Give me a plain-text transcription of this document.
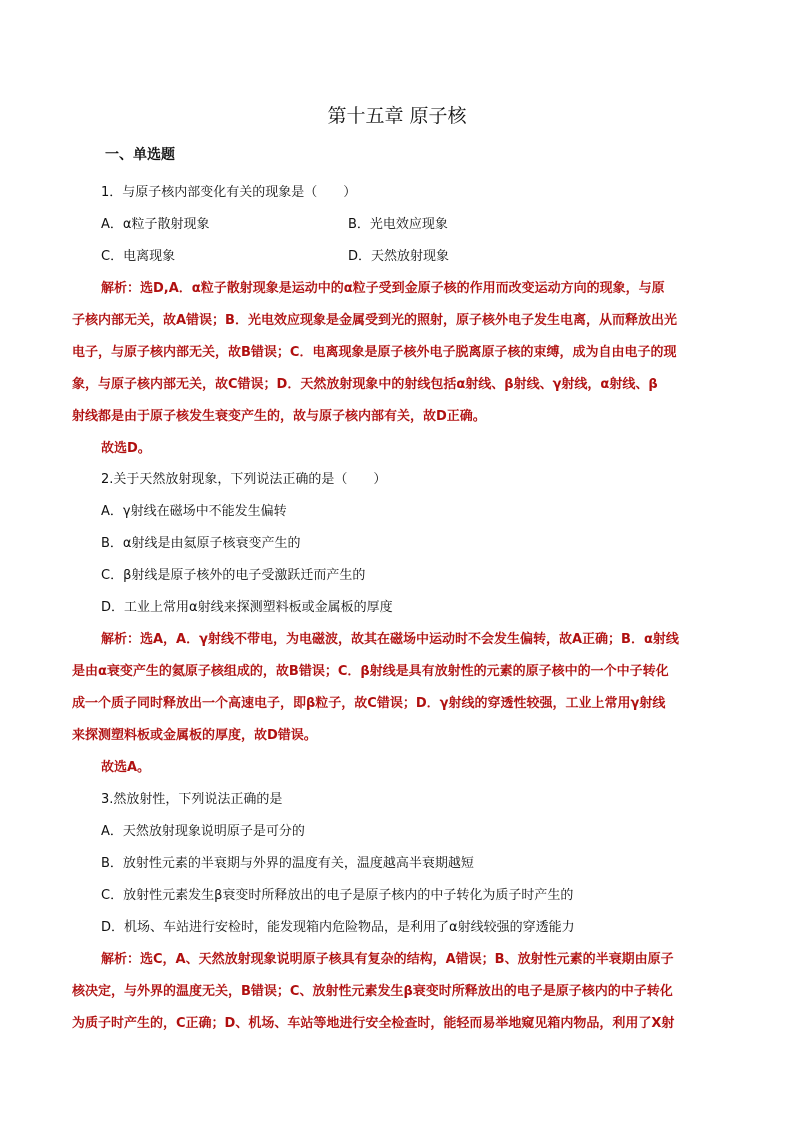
第十五章 原子核
一、单选题
1．与原子核内部变化有关的现象是（　　）
A．α粒子散射现象	B．光电效应现象
C．电离现象	D．天然放射现象
解析：选D,A．α粒子散射现象是运动中的α粒子受到金原子核的作用而改变运动方向的现象，与原
子核内部无关，故A错误；B．光电效应现象是金属受到光的照射，原子核外电子发生电离，从而释放出光
电子，与原子核内部无关，故B错误；C．电离现象是原子核外电子脱离原子核的束缚，成为自由电子的现
象，与原子核内部无关，故C错误；D．天然放射现象中的射线包括α射线、β射线、γ射线，α射线、β
射线都是由于原子核发生衰变产生的，故与原子核内部有关，故D正确。
故选D。
2.关于天然放射现象，下列说法正确的是（　　）
A．γ射线在磁场中不能发生偏转
B．α射线是由氦原子核衰变产生的
C．β射线是原子核外的电子受激跃迁而产生的
D．工业上常用α射线来探测塑料板或金属板的厚度
解析：选A，A．γ射线不带电，为电磁波，故其在磁场中运动时不会发生偏转，故A正确；B．α射线
是由α衰变产生的氦原子核组成的，故B错误；C．β射线是具有放射性的元素的原子核中的一个中子转化
成一个质子同时释放出一个高速电子，即β粒子，故C错误；D．γ射线的穿透性较强，工业上常用γ射线
来探测塑料板或金属板的厚度，故D错误。
故选A。
3.然放射性，下列说法正确的是
A．天然放射现象说明原子是可分的
B．放射性元素的半衰期与外界的温度有关，温度越高半衰期越短
C．放射性元素发生β衰变时所释放出的电子是原子核内的中子转化为质子时产生的
D．机场、车站进行安检时，能发现箱内危险物品，是利用了α射线较强的穿透能力
解析：选C，A、天然放射现象说明原子核具有复杂的结构，A错误；B、放射性元素的半衰期由原子
核决定，与外界的温度无关，B错误；C、放射性元素发生β衰变时所释放出的电子是原子核内的中子转化
为质子时产生的，C正确；D、机场、车站等地进行安全检查时，能轻而易举地窥见箱内物品，利用了X射
